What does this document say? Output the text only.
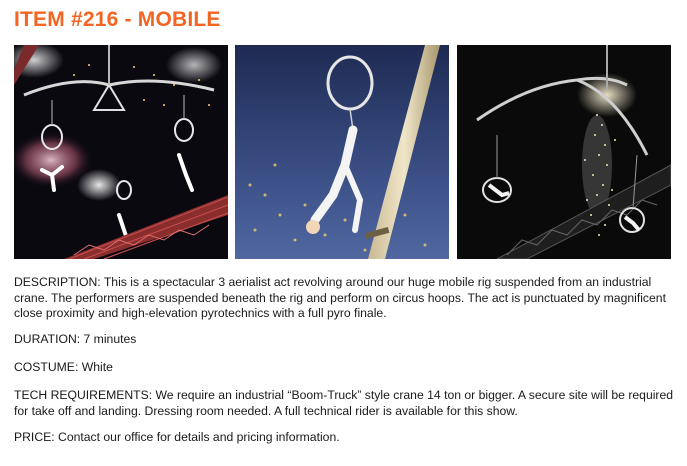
ITEM #216 - MOBILE
DESCRIPTION: This is a spectacular 3 aerialist act revolving around our huge mobile rig suspended from an industrial crane. The performers are suspended beneath the rig and perform on circus hoops. The act is punctuated by magnificent close proximity and high-elevation pyrotechnics with a full pyro finale.
DURATION: 7 minutes
COSTUME: White
TECH REQUIREMENTS: We require an industrial “Boom-Truck” style crane 14 ton or bigger. A secure site will be required for take off and landing. Dressing room needed. A full technical rider is available for this show.
PRICE: Contact our office for details and pricing information.
